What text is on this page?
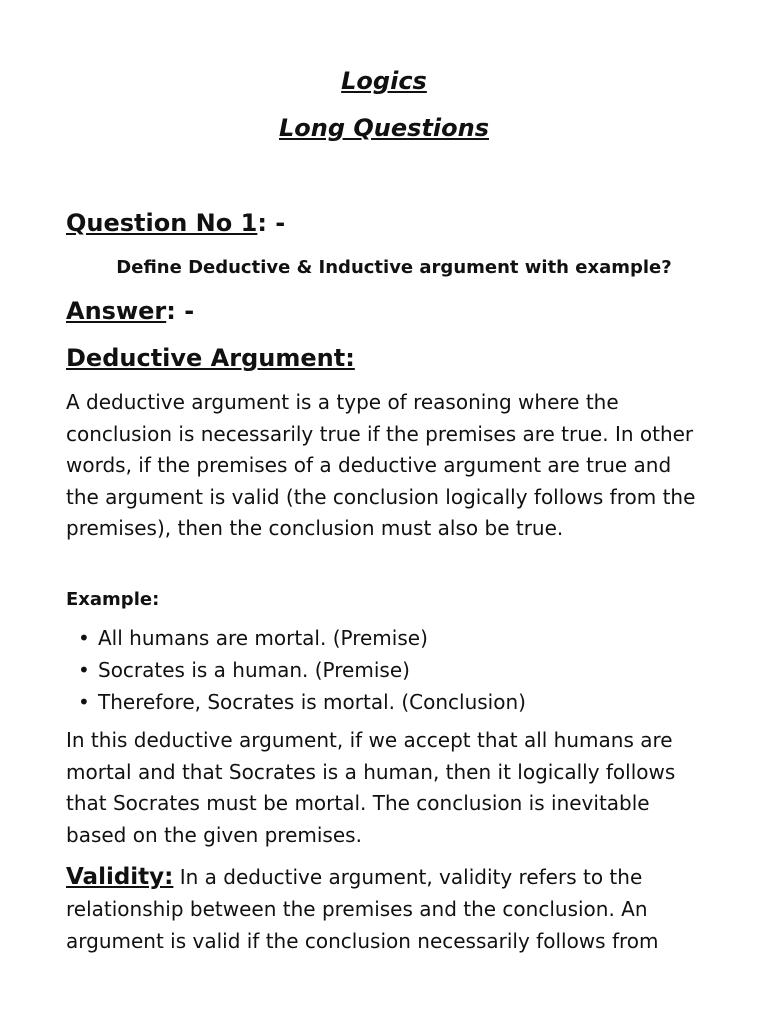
Logics
Long Questions
Question No 1: -
Define Deductive & Inductive argument with example?
Answer: -
Deductive Argument:

A deductive argument is a type of reasoning where the conclusion is necessarily true if the premises are true. In other words, if the premises of a deductive argument are true and the argument is valid (the conclusion logically follows from the premises), then the conclusion must also be true.

Example:
• All humans are mortal. (Premise)
• Socrates is a human. (Premise)
• Therefore, Socrates is mortal. (Conclusion)

In this deductive argument, if we accept that all humans are mortal and that Socrates is a human, then it logically follows that Socrates must be mortal. The conclusion is inevitable based on the given premises.

Validity: In a deductive argument, validity refers to the relationship between the premises and the conclusion. An argument is valid if the conclusion necessarily follows from
